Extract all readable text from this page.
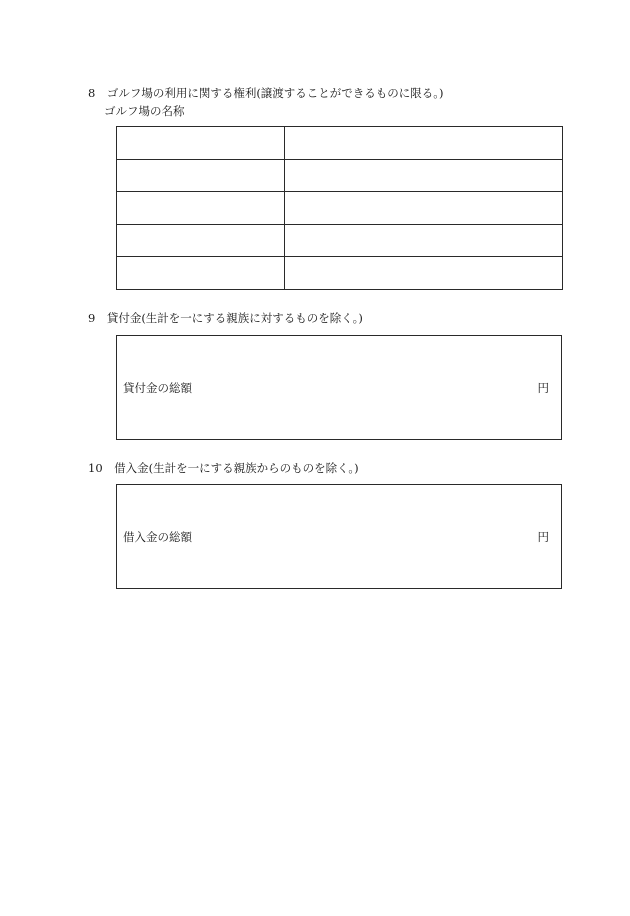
8　ゴルフ場の利用に関する権利(譲渡することができるものに限る。)
ゴルフ場の名称

9　貸付金(生計を一にする親族に対するものを除く。)
貸付金の総額	円
10　借入金(生計を一にする親族からのものを除く。)
借入金の総額	円
